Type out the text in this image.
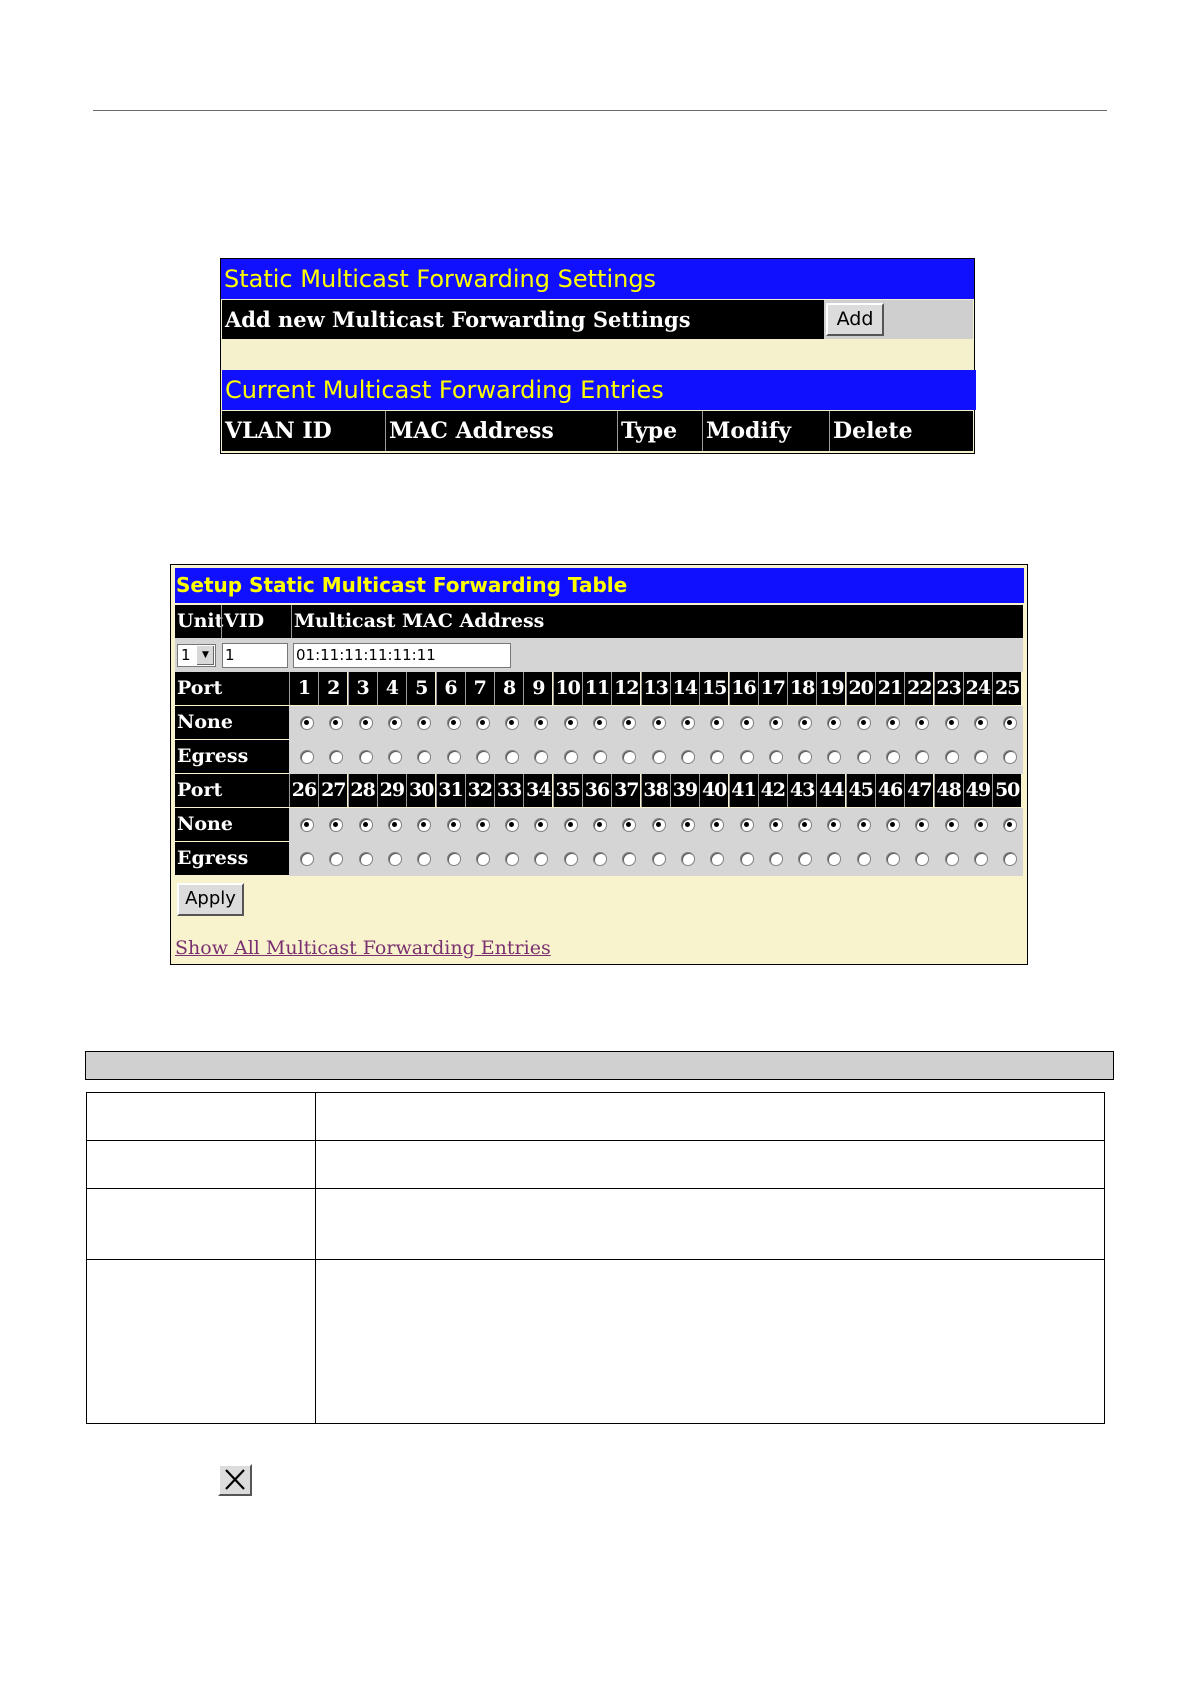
Static Multicast Forwarding Settings
Add new Multicast Forwarding Settings	Add
Current Multicast Forwarding Entries
VLAN ID	MAC Address	Type	Modify	Delete
Setup Static Multicast Forwarding Table
Unit VID	Multicast MAC Address
1	▼	1	01:11:11:11:11:11
Port	1 2 3 4 5 6 7 8 9 10 11 12 13 14 15 16 17 18 19 20 21 22 23 24 25
None
Egress
Port	26 27 28 29 30 31 32 33 34 35 36 37 38 39 40 41 42 43 44 45 46 47 48 49 50
None
Egress
Apply
Show All Multicast Forwarding Entries
